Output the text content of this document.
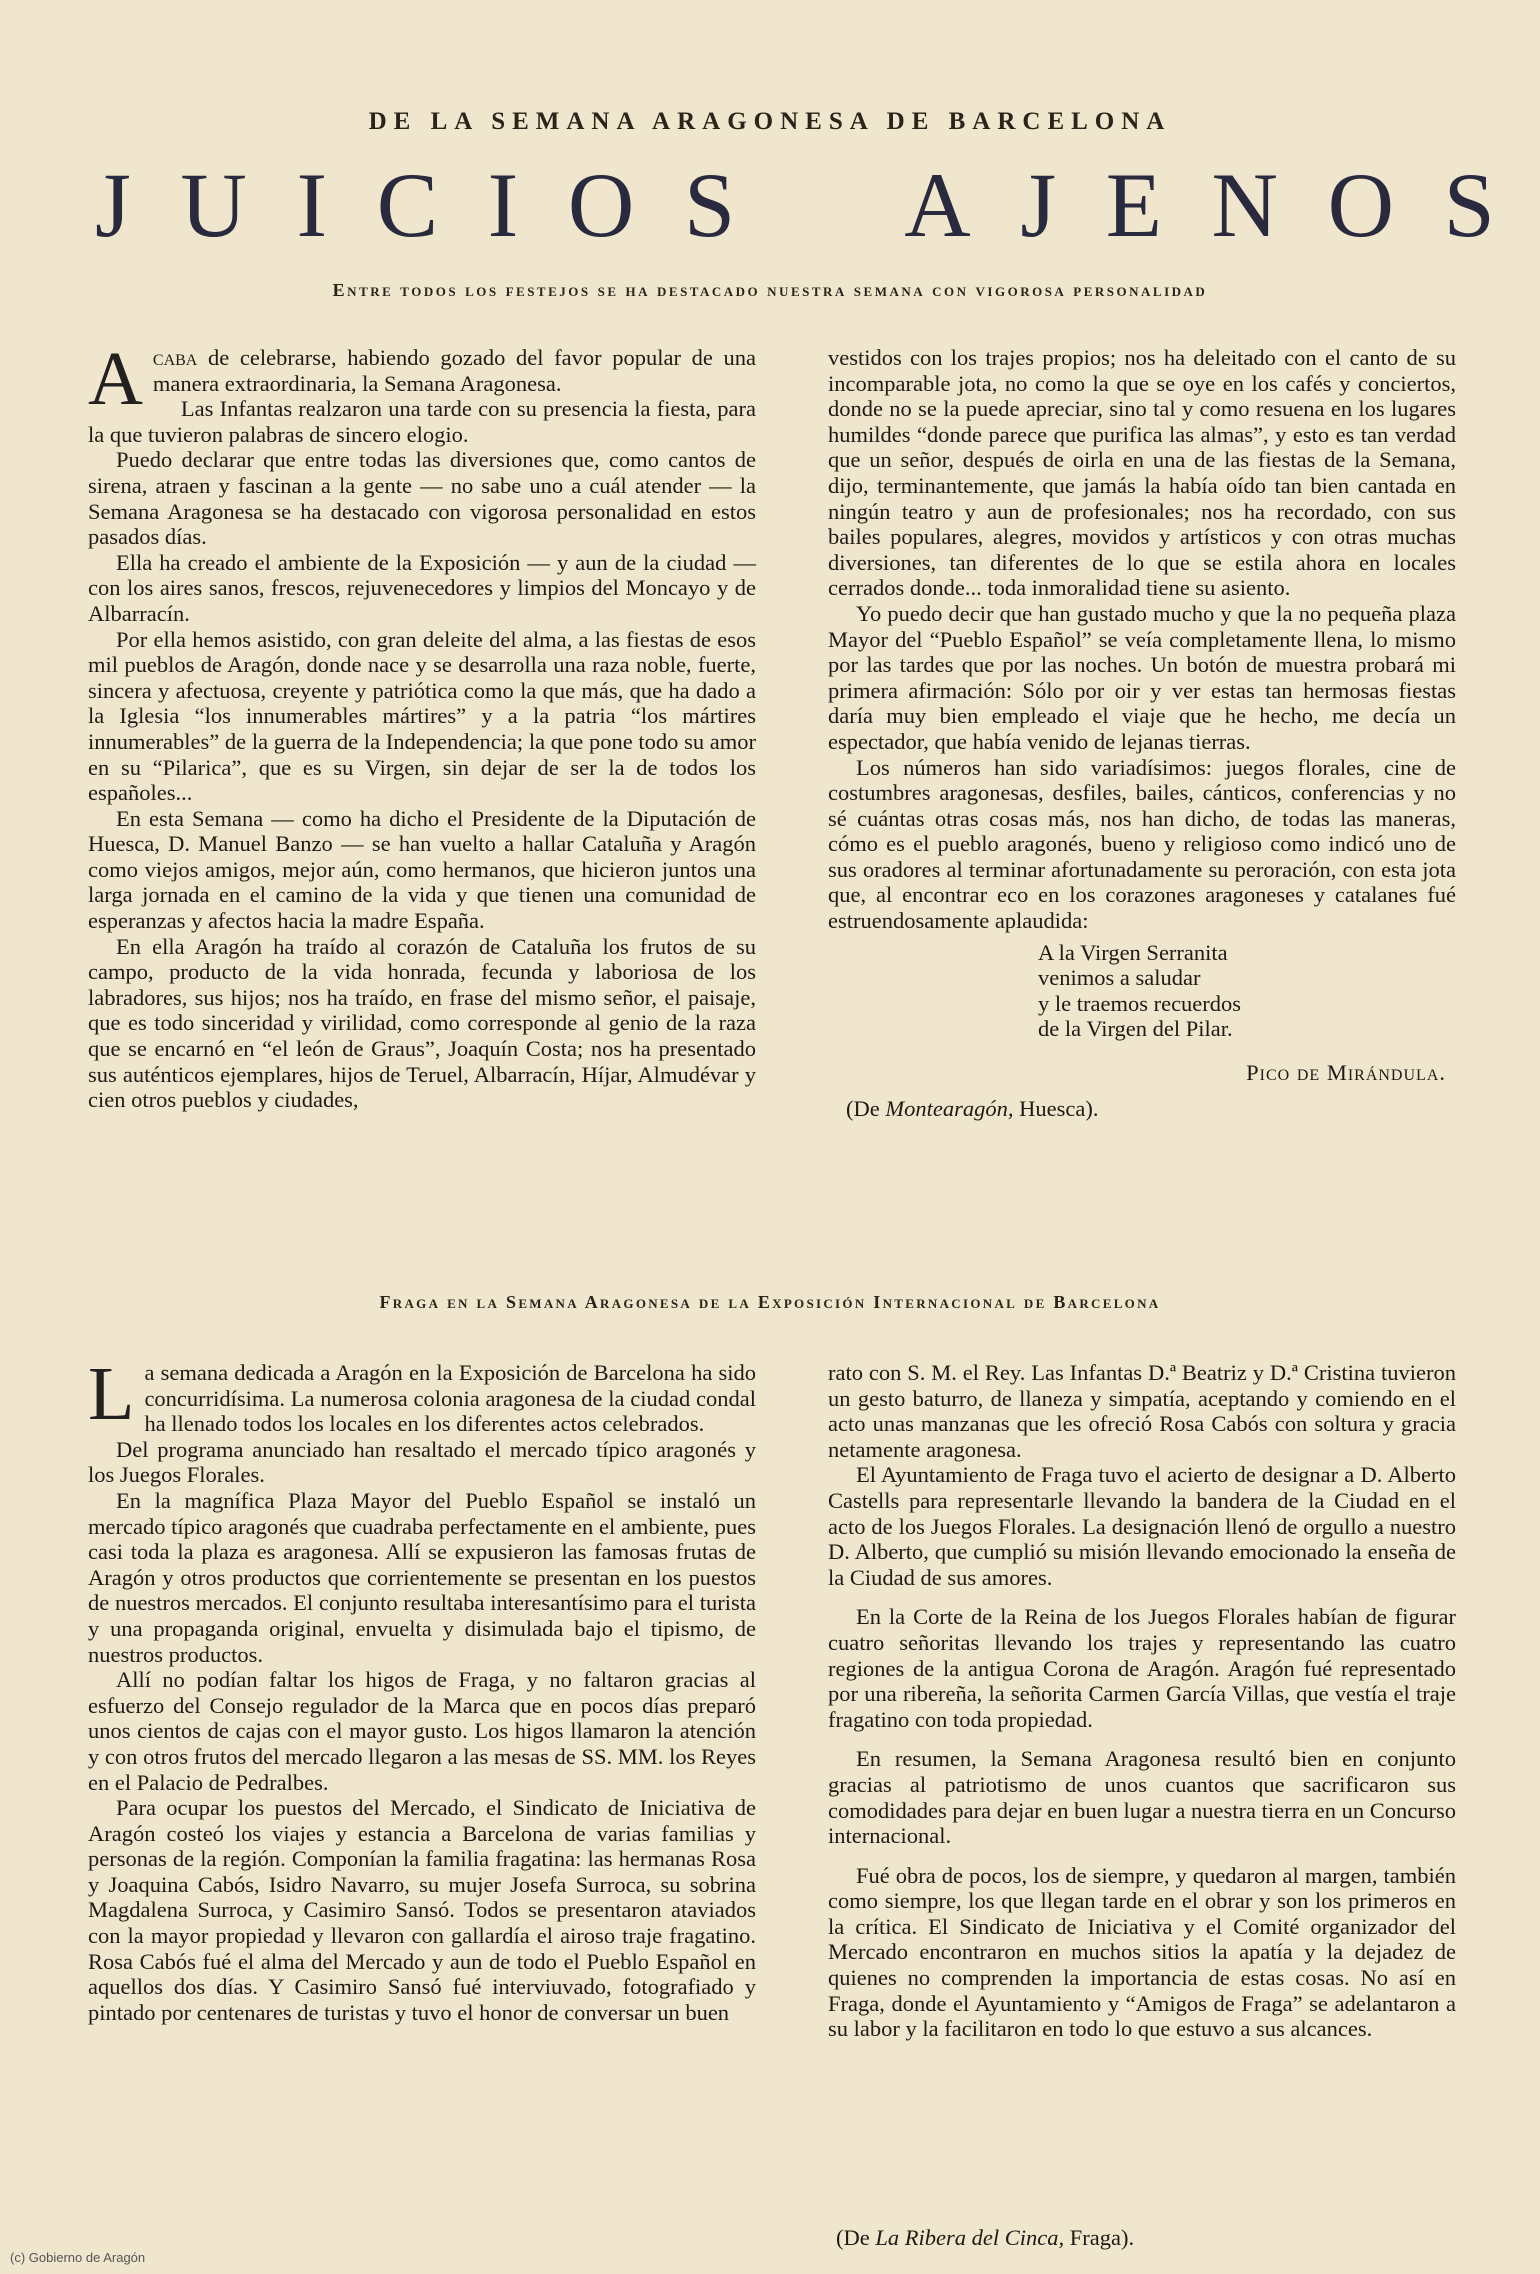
DE LA SEMANA ARAGONESA DE BARCELONA
J U I C I O S A J E N O S
Entre todos los festejos se ha destacado nuestra semana con vigorosa personalidad

Acaba de celebrarse, habiendo gozado del favor popular de una manera extraordinaria, la Semana Aragonesa.

Las Infantas realzaron una tarde con su presencia la fiesta, para la que tuvieron palabras de sincero elogio.

Puedo declarar que entre todas las diversiones que, como cantos de sirena, atraen y fascinan a la gente — no sabe uno a cuál atender — la Semana Aragonesa se ha destacado con vigorosa personalidad en estos pasados días.

Ella ha creado el ambiente de la Exposición — y aun de la ciudad — con los aires sanos, frescos, rejuvenecedores y limpios del Moncayo y de Albarracín.

Por ella hemos asistido, con gran deleite del alma, a las fiestas de esos mil pueblos de Aragón, donde nace y se desarrolla una raza noble, fuerte, sincera y afectuosa, creyente y patriótica como la que más, que ha dado a la Iglesia “los innumerables mártires” y a la patria “los mártires innumerables” de la guerra de la Independencia; la que pone todo su amor en su “Pilarica”, que es su Virgen, sin dejar de ser la de todos los españoles...

En esta Semana — como ha dicho el Presidente de la Diputación de Huesca, D. Manuel Banzo — se han vuelto a hallar Cataluña y Aragón como viejos amigos, mejor aún, como hermanos, que hicieron juntos una larga jornada en el camino de la vida y que tienen una comunidad de esperanzas y afectos hacia la madre España.

En ella Aragón ha traído al corazón de Cataluña los frutos de su campo, producto de la vida honrada, fecunda y laboriosa de los labradores, sus hijos; nos ha traído, en frase del mismo señor, el paisaje, que es todo sinceridad y virilidad, como corresponde al genio de la raza que se encarnó en “el león de Graus”, Joaquín Costa; nos ha presentado sus auténticos ejemplares, hijos de Teruel, Albarracín, Híjar, Almudévar y cien otros pueblos y ciudades,

vestidos con los trajes propios; nos ha deleitado con el canto de su incomparable jota, no como la que se oye en los cafés y conciertos, donde no se la puede apreciar, sino tal y como resuena en los lugares humildes “donde parece que purifica las almas”, y esto es tan verdad que un señor, después de oirla en una de las fiestas de la Semana, dijo, terminantemente, que jamás la había oído tan bien cantada en ningún teatro y aun de profesionales; nos ha recordado, con sus bailes populares, alegres, movidos y artísticos y con otras muchas diversiones, tan diferentes de lo que se estila ahora en locales cerrados donde... toda inmoralidad tiene su asiento.

Yo puedo decir que han gustado mucho y que la no pequeña plaza Mayor del “Pueblo Español” se veía completamente llena, lo mismo por las tardes que por las noches. Un botón de muestra probará mi primera afirmación: Sólo por oir y ver estas tan hermosas fiestas daría muy bien empleado el viaje que he hecho, me decía un espectador, que había venido de lejanas tierras.

Los números han sido variadísimos: juegos florales, cine de costumbres aragonesas, desfiles, bailes, cánticos, conferencias y no sé cuántas otras cosas más, nos han dicho, de todas las maneras, cómo es el pueblo aragonés, bueno y religioso como indicó uno de sus oradores al terminar afortunadamente su peroración, con esta jota que, al encontrar eco en los corazones aragoneses y catalanes fué estruendosamente aplaudida:

A la Virgen Serranita
venimos a saludar
y le traemos recuerdos
de la Virgen del Pilar.
Pico de Mirándula.
(De Montearagón, Huesca).
Fraga en la Semana Aragonesa de la Exposición Internacional de Barcelona

La semana dedicada a Aragón en la Exposición de Barcelona ha sido concurridísima. La numerosa colonia aragonesa de la ciudad condal ha llenado todos los locales en los diferentes actos celebrados.

Del programa anunciado han resaltado el mercado típico aragonés y los Juegos Florales.

En la magnífica Plaza Mayor del Pueblo Español se instaló un mercado típico aragonés que cuadraba perfectamente en el ambiente, pues casi toda la plaza es aragonesa. Allí se expusieron las famosas frutas de Aragón y otros productos que corrientemente se presentan en los puestos de nuestros mercados. El conjunto resultaba interesantísimo para el turista y una propaganda original, envuelta y disimulada bajo el tipismo, de nuestros productos.

Allí no podían faltar los higos de Fraga, y no faltaron gracias al esfuerzo del Consejo regulador de la Marca que en pocos días preparó unos cientos de cajas con el mayor gusto. Los higos llamaron la atención y con otros frutos del mercado llegaron a las mesas de SS. MM. los Reyes en el Palacio de Pedralbes.

Para ocupar los puestos del Mercado, el Sindicato de Iniciativa de Aragón costeó los viajes y estancia a Barcelona de varias familias y personas de la región. Componían la familia fragatina: las hermanas Rosa y Joaquina Cabós, Isidro Navarro, su mujer Josefa Surroca, su sobrina Magdalena Surroca, y Casimiro Sansó. Todos se presentaron ataviados con la mayor propiedad y llevaron con gallardía el airoso traje fragatino. Rosa Cabós fué el alma del Mercado y aun de todo el Pueblo Español en aquellos dos días. Y Casimiro Sansó fué interviuvado, fotografiado y pintado por centenares de turistas y tuvo el honor de conversar un buen

rato con S. M. el Rey. Las Infantas D.ª Beatriz y D.ª Cristina tuvieron un gesto baturro, de llaneza y simpatía, aceptando y comiendo en el acto unas manzanas que les ofreció Rosa Cabós con soltura y gracia netamente aragonesa.

El Ayuntamiento de Fraga tuvo el acierto de designar a D. Alberto Castells para representarle llevando la bandera de la Ciudad en el acto de los Juegos Florales. La designación llenó de orgullo a nuestro D. Alberto, que cumplió su misión llevando emocionado la enseña de la Ciudad de sus amores.

En la Corte de la Reina de los Juegos Florales habían de figurar cuatro señoritas llevando los trajes y representando las cuatro regiones de la antigua Corona de Aragón. Aragón fué representado por una ribereña, la señorita Carmen García Villas, que vestía el traje fragatino con toda propiedad.

En resumen, la Semana Aragonesa resultó bien en conjunto gracias al patriotismo de unos cuantos que sacrificaron sus comodidades para dejar en buen lugar a nuestra tierra en un Concurso internacional.

Fué obra de pocos, los de siempre, y quedaron al margen, también como siempre, los que llegan tarde en el obrar y son los primeros en la crítica. El Sindicato de Iniciativa y el Comité organizador del Mercado encontraron en muchos sitios la apatía y la dejadez de quienes no comprenden la importancia de estas cosas. No así en Fraga, donde el Ayuntamiento y “Amigos de Fraga” se adelantaron a su labor y la facilitaron en todo lo que estuvo a sus alcances.

(De La Ribera del Cinca, Fraga).
(c) Gobierno de Aragón
